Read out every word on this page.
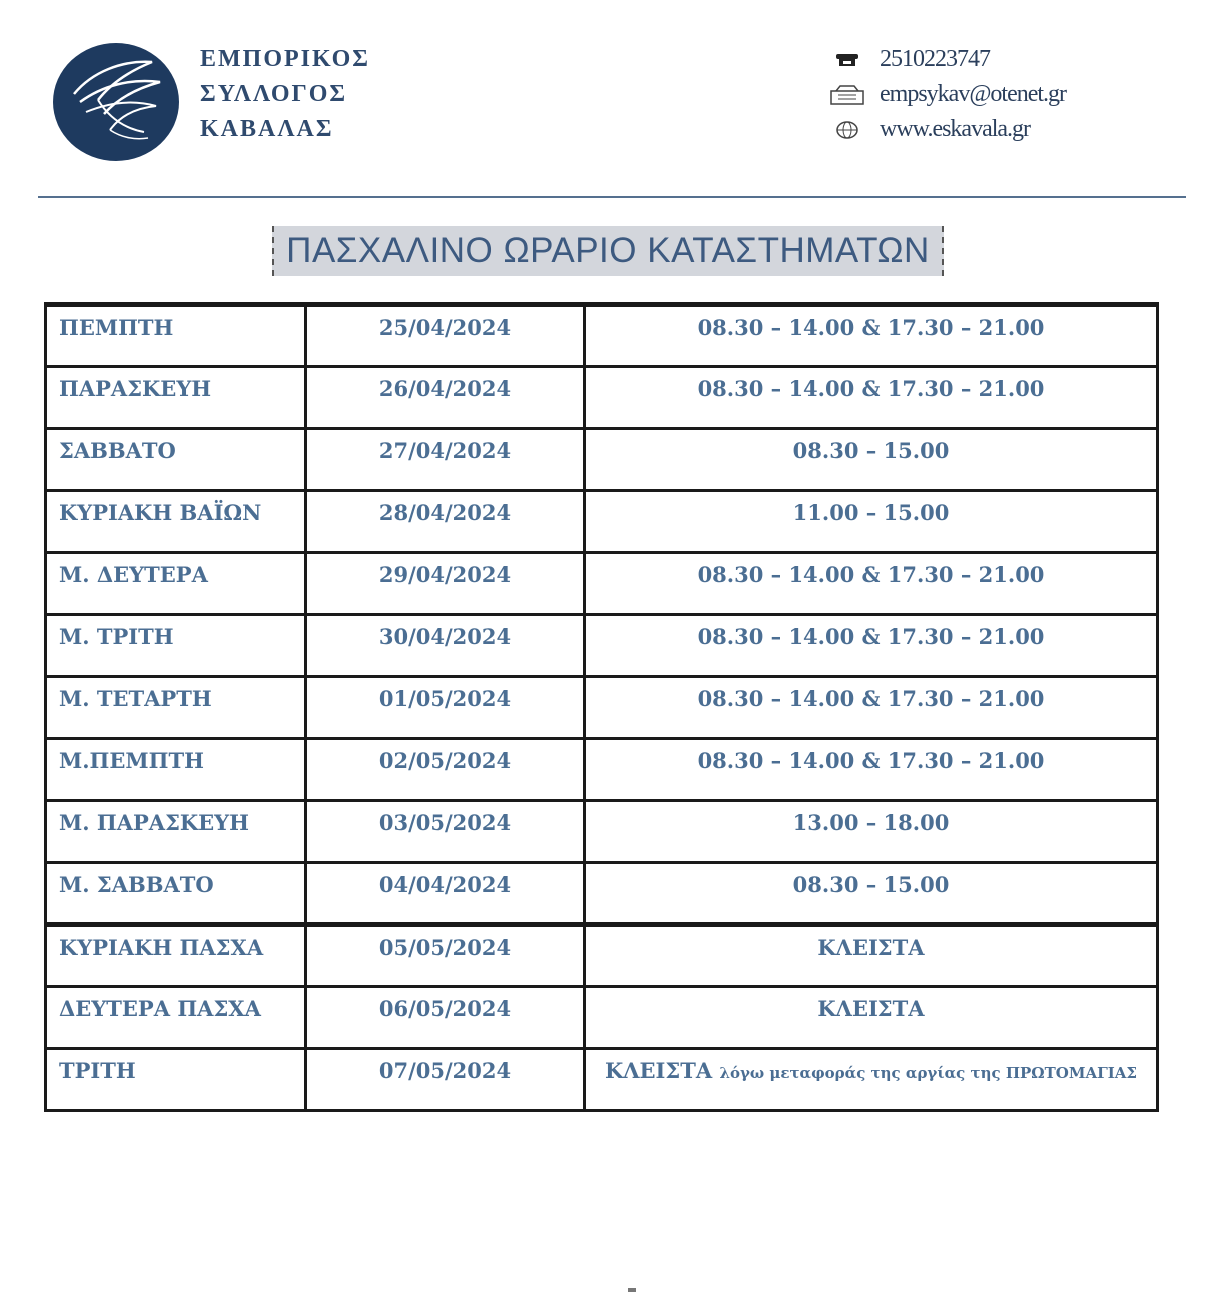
ΕΜΠΟΡΙΚΟΣ
ΣΥΛΛΟΓΟΣ
ΚΑΒΑΛΑΣ
2510223747
empsykav@otenet.gr
www.eskavala.gr
ΠΑΣΧΑΛΙΝΟ ΩΡΑΡΙΟ ΚΑΤΑΣΤΗΜΑΤΩΝ
ΠΕΜΠΤΗ	25/04/2024	08.30 – 14.00 & 17.30 – 21.00
ΠΑΡΑΣΚΕΥΗ	26/04/2024	08.30 – 14.00 & 17.30 – 21.00
ΣΑΒΒΑΤΟ	27/04/2024	08.30 – 15.00
ΚΥΡΙΑΚΗ ΒΑΪΩΝ	28/04/2024	11.00 – 15.00
Μ. ΔΕΥΤΕΡΑ	29/04/2024	08.30 – 14.00 & 17.30 – 21.00
Μ. ΤΡΙΤΗ	30/04/2024	08.30 – 14.00 & 17.30 – 21.00
Μ. ΤΕΤΑΡΤΗ	01/05/2024	08.30 – 14.00 & 17.30 – 21.00
Μ.ΠΕΜΠΤΗ	02/05/2024	08.30 – 14.00 & 17.30 – 21.00
Μ. ΠΑΡΑΣΚΕΥΗ	03/05/2024	13.00 – 18.00
Μ. ΣΑΒΒΑΤΟ	04/04/2024	08.30 – 15.00
ΚΥΡΙΑΚΗ ΠΑΣΧΑ	05/05/2024	ΚΛΕΙΣΤΑ
ΔΕΥΤΕΡΑ ΠΑΣΧΑ	06/05/2024	ΚΛΕΙΣΤΑ
ΤΡΙΤΗ	07/05/2024	ΚΛΕΙΣΤΑ λόγω μεταφοράς της αργίας της ΠΡΩΤΟΜΑΓΙΑΣ
